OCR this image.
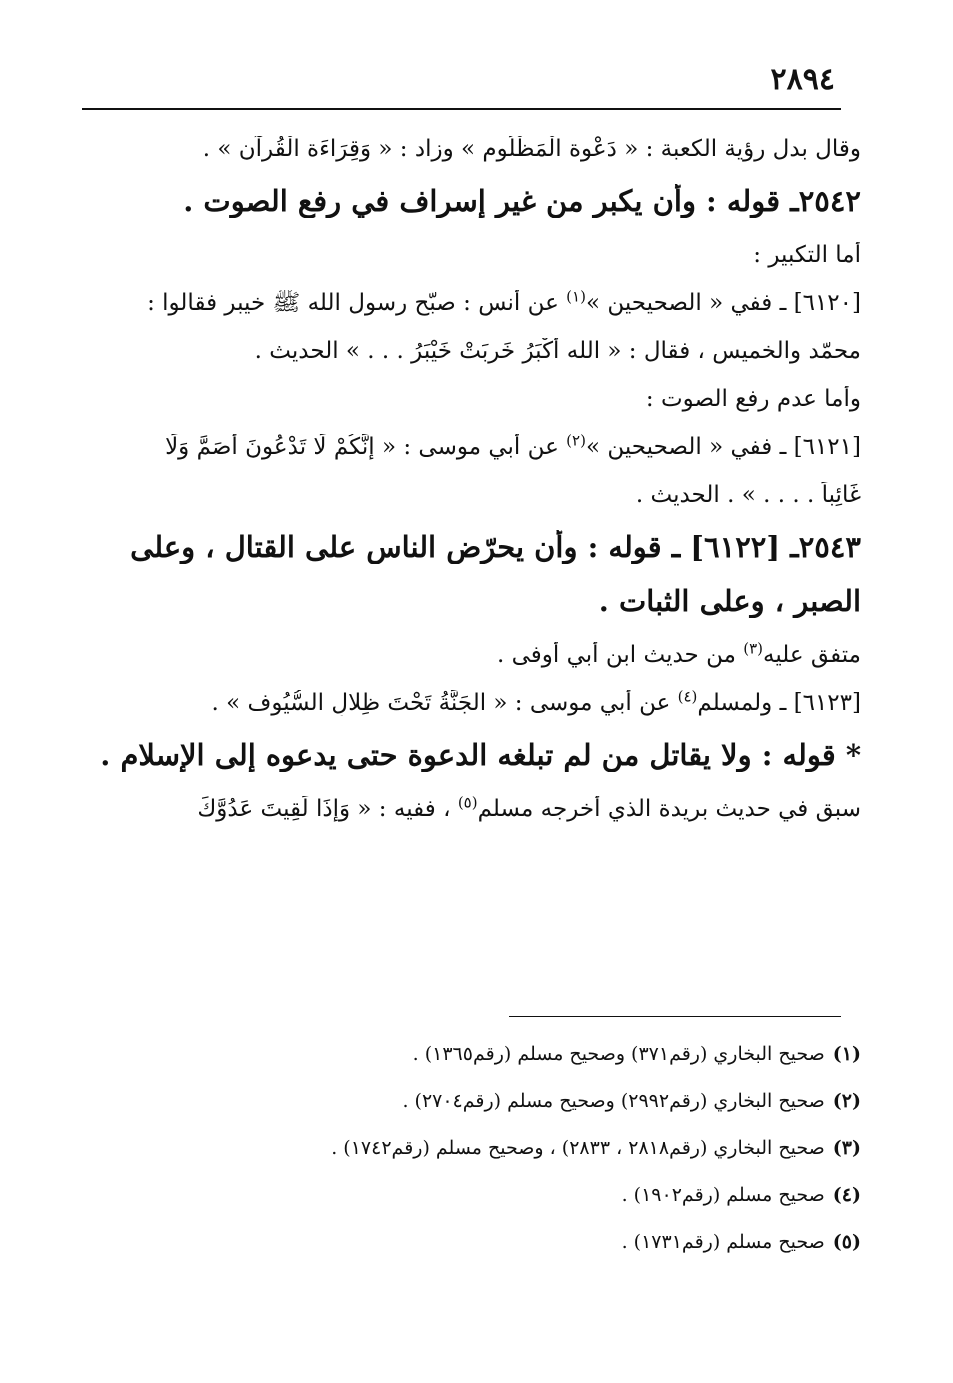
٢٨٩٤

وقال بدل رؤية الكعبة : « دَعْوة الْمَظْلُوم » وزاد : « وَقِرَاءَة الْقُرآن » .

٢٥٤٢ـ قوله : وأن يكبر من غير إسراف في رفع الصوت .

أما التكبير :

[٦١٢٠] ـ ففي « الصحيحين »$^{(١)}$ عن أنس : صبّح رسول الله ﷺ خيبر فقالوا :

محمّد والخميس ، فقال : « الله أَكْبَرُ خَرِبَتْ خَيْبَرُ . . . » الحديث .

وأما عدم رفع الصوت :

[٦١٢١] ـ ففي « الصحيحين »$^{(٢)}$ عن أبي موسى : « إِنَّكُمْ لَا تَدْعُونَ أَصَمَّ وَلَا

غَائِباً . . . . » . الحديث .

٢٥٤٣ـ [٦١٢٢] ـ قوله : وأن يحرّض الناس على القتال ، وعلى

الصبر ، وعلى الثبات .

متفق عليه$^{(٣)}$ من حديث ابن أبي أوفى .

[٦١٢٣] ـ ولمسلم$^{(٤)}$ عن أبي موسى : « الجَنَّةُ تَحْتَ ظِلالِ السُّيُوف » .

* قوله : ولا يقاتل من لم تبلغه الدعوة حتى يدعوه إلى الإسلام .

سبق في حديث بريدة الذي أخرجه مسلم$^{(٥)}$ ، ففيه : « وَإِذَا لَقِيتَ عَدُوَّكَ

(١)صحيح البخاري (رقم٣٧١) وصحيح مسلم (رقم١٣٦٥) .

(٢)صحيح البخاري (رقم٢٩٩٢) وصحيح مسلم (رقم٢٧٠٤) .

(٣)صحيح البخاري (رقم٢٨١٨ ، ٢٨٣٣) ، وصحيح مسلم (رقم١٧٤٢) .

(٤)صحيح مسلم (رقم١٩٠٢) .

(٥)صحيح مسلم (رقم١٧٣١) .
